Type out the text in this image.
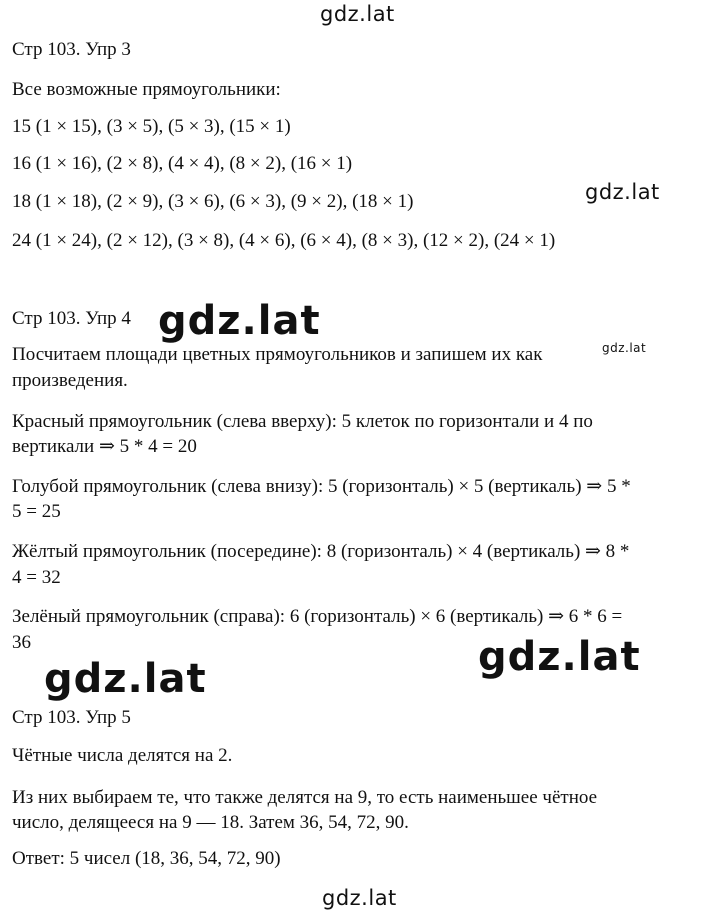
Стр 103. Упр 3

Все возможные прямоугольники:

15 (1 × 15), (3 × 5), (5 × 3), (15 × 1)

16 (1 × 16), (2 × 8), (4 × 4), (8 × 2), (16 × 1)

18 (1 × 18), (2 × 9), (3 × 6), (6 × 3), (9 × 2), (18 × 1)

24 (1 × 24), (2 × 12), (3 × 8), (4 × 6), (6 × 4), (8 × 3), (12 × 2), (24 × 1)

Стр 103. Упр 4

Посчитаем площади цветных прямоугольников и запишем их как

произведения.

Красный прямоугольник (слева вверху): 5 клеток по горизонтали и 4 по

вертикали ⇒ 5 * 4 = 20

Голубой прямоугольник (слева внизу): 5 (горизонталь) × 5 (вертикаль) ⇒ 5 *

5 = 25

Жёлтый прямоугольник (посередине): 8 (горизонталь) × 4 (вертикаль) ⇒ 8 *

4 = 32

Зелёный прямоугольник (справа): 6 (горизонталь) × 6 (вертикаль) ⇒ 6 * 6 =

36

Стр 103. Упр 5

Чётные числа делятся на 2.

Из них выбираем те, что также делятся на 9, то есть наименьшее чётное

число, делящееся на 9 — 18. Затем 36, 54, 72, 90.

Ответ: 5 чисел (18, 36, 54, 72, 90)

gdz.lat
gdz.lat
gdz.lat
gdz.lat
gdz.lat
gdz.lat
gdz.lat
